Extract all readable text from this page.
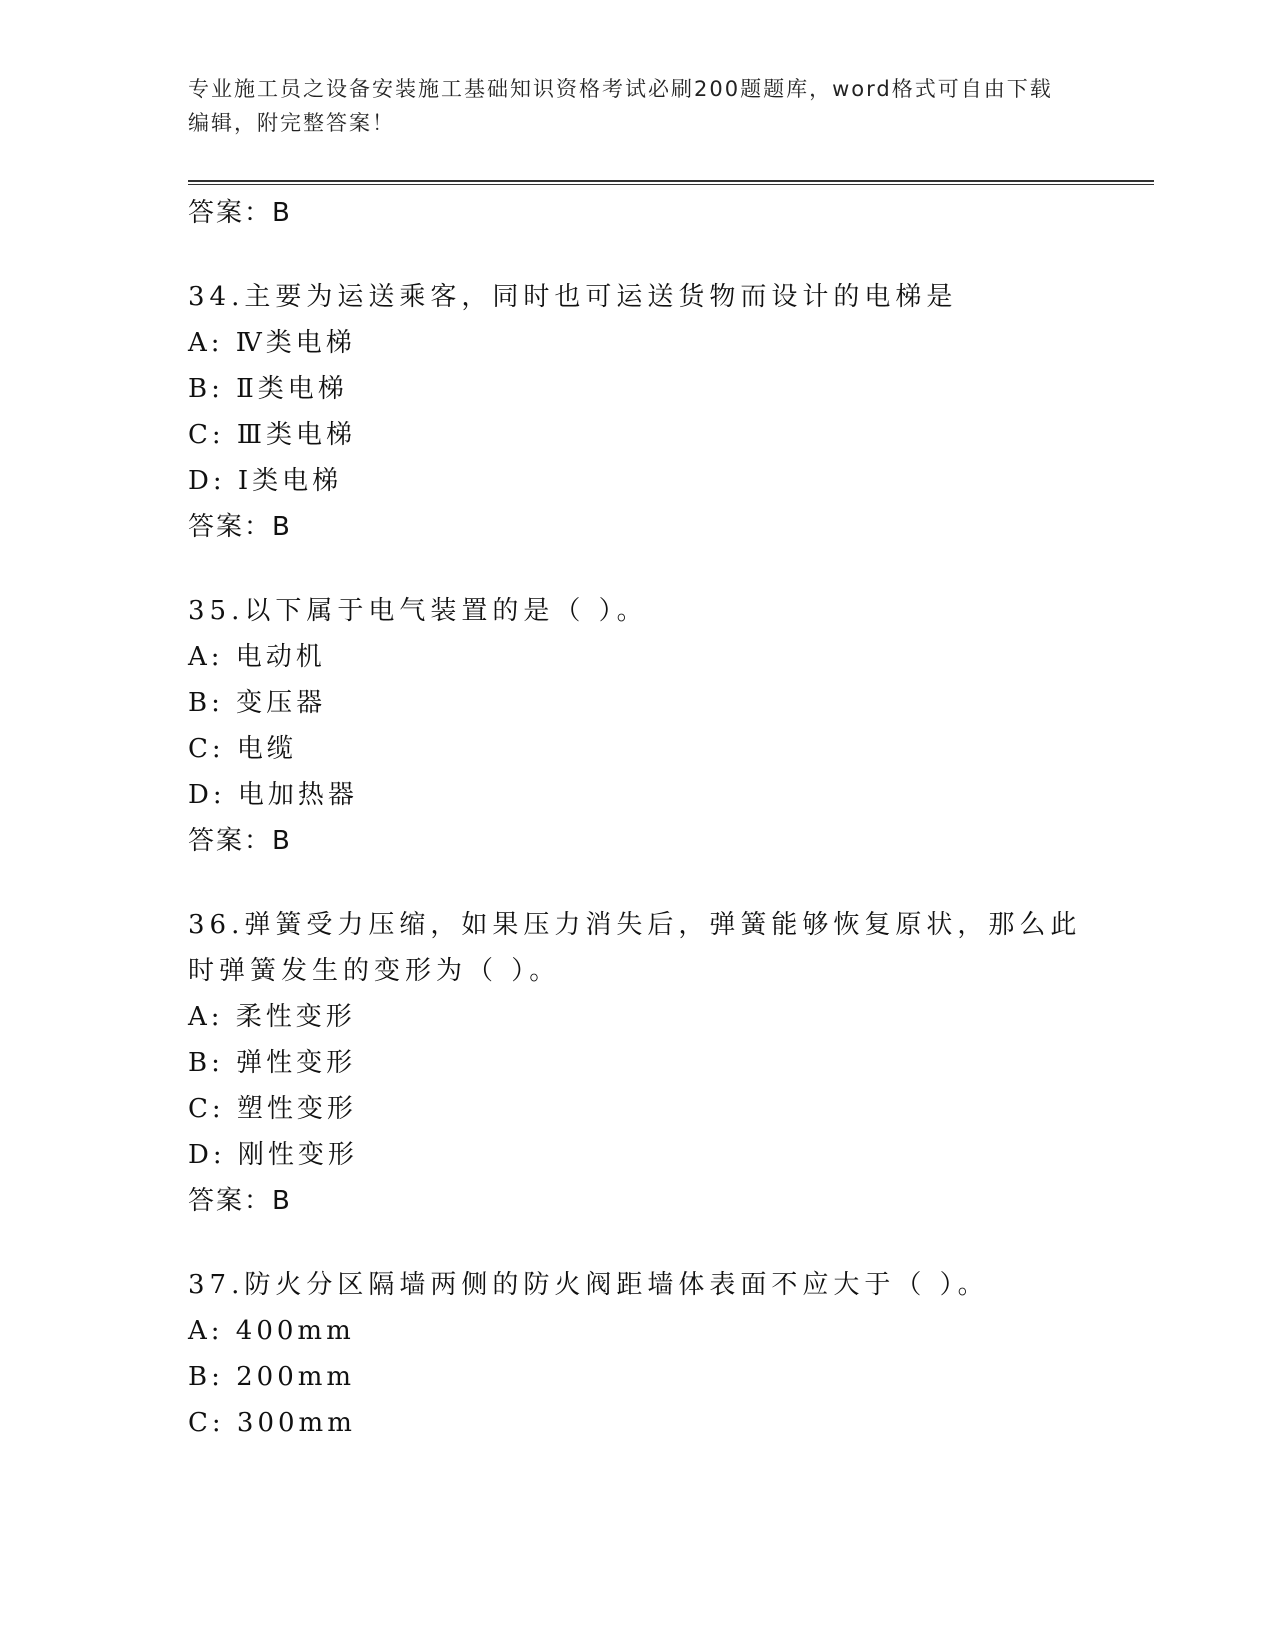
专业施工员之设备安装施工基础知识资格考试必刷200题题库，word格式可自由下载编辑，附完整答案！

答案：B

34.主要为运送乘客，同时也可运送货物而设计的电梯是

A: Ⅳ类电梯

B: Ⅱ类电梯

C: Ⅲ类电梯

D: Ⅰ类电梯

答案：B

35.以下属于电气装置的是（ ）。

A: 电动机

B: 变压器

C: 电缆

D: 电加热器

答案：B

36.弹簧受力压缩，如果压力消失后，弹簧能够恢复原状，那么此时弹簧发生的变形为（ ）。

A: 柔性变形

B: 弹性变形

C: 塑性变形

D: 刚性变形

答案：B

37.防火分区隔墙两侧的防火阀距墙体表面不应大于（ ）。

A: 400mm

B: 200mm

C: 300mm
